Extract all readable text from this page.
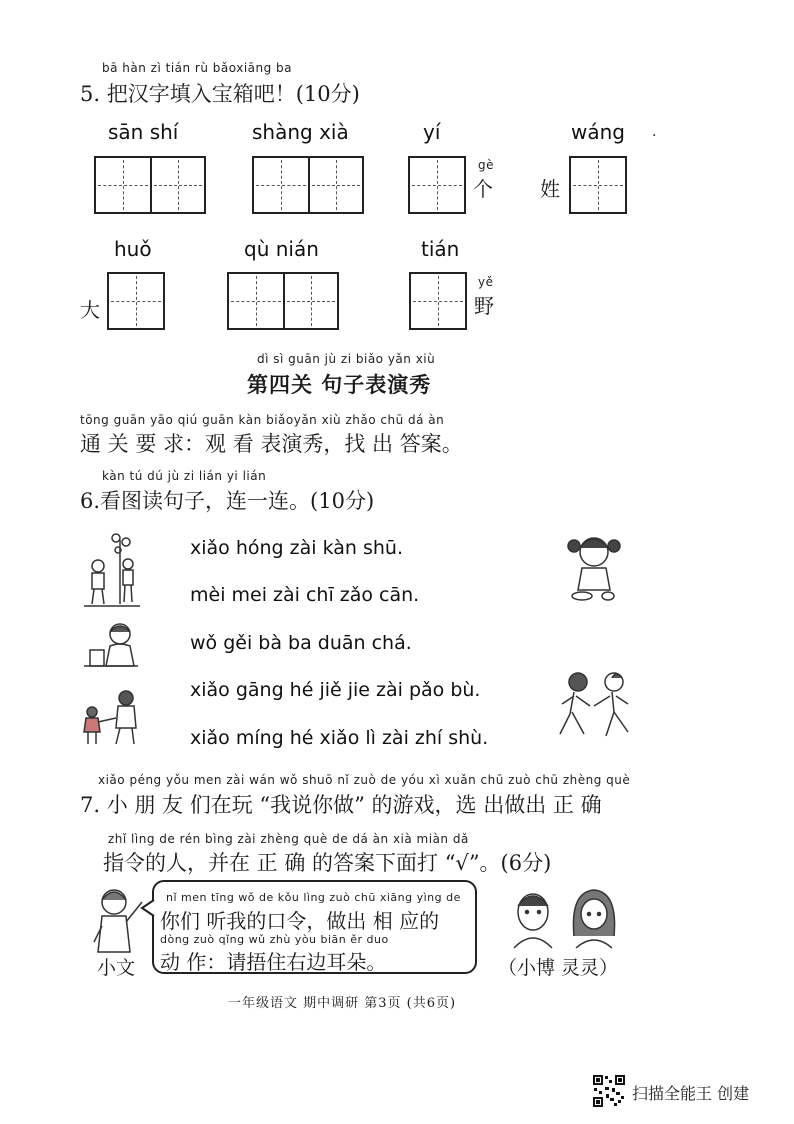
bā hàn zì tián rù bǎoxiāng ba
5. 把汉字填入宝箱吧！(10分)
sān shí	shàng xià	yí
gè
个
wáng ·
姓
huǒ
大
qù nián	tián
yě
野
dì sì guān jù zi biǎo yǎn xiù
第四关 句子表演秀
tōng guān yāo qiú guān kàn biǎoyǎn xiù zhǎo chū dá àn
通 关 要 求：观 看 表演秀，找 出 答案。
kàn tú dú jù zi lián yi lián
6.看图读句子，连一连。(10分)
xiǎo hóng zài kàn shū.
mèi mei zài chī zǎo cān.
wǒ gěi bà ba duān chá.
xiǎo gāng hé jiě jie zài pǎo bù.
xiǎo míng hé xiǎo lì zài zhí shù.
xiǎo péng yǒu men zài wán wǒ shuō nǐ zuò de yóu xì xuǎn chū zuò chū zhèng què
7. 小 朋 友 们在玩 “我说你做” 的游戏，选 出做出 正 确
zhǐ lìng de rén bìng zài zhèng què de dá àn xià miàn dǎ
指令的人，并在 正 确 的答案下面打 “√”。(6分)
小文
nǐ men tīng wǒ de kǒu lìng zuò chū xiāng yìng de
你们 听我的口令，做出 相 应的
dòng zuò qǐng wǔ zhù yòu biān ěr duo
动 作：请捂住右边耳朵。	（小博 灵灵）
一年级语文 期中调研 第3页 (共6页)
扫描全能王 创建
